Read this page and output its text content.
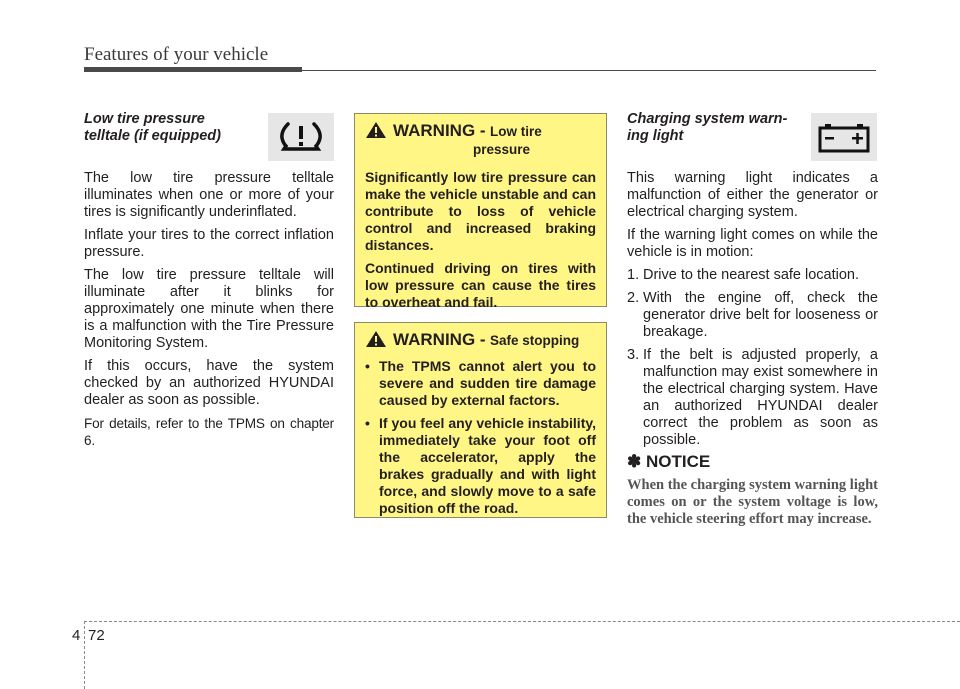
Features of your vehicle
Low tire pressure
telltale (if equipped)

The low tire pressure telltale illuminates when one or more of your tires is significantly underinflated.

Inflate your tires to the correct inflation pressure.

The low tire pressure telltale will illuminate after it blinks for approximately one minute when there is a malfunction with the Tire Pressure Monitoring System.

If this occurs, have the system checked by an authorized HYUNDAI dealer as soon as possible.

For details, refer to the TPMS on chapter 6.

WARNING - Low tire
pressure

Significantly low tire pressure can make the vehicle unstable and can contribute to loss of vehicle control and increased braking distances.

Continued driving on tires with low pressure can cause the tires to overheat and fail.

WARNING - Safe stopping

• The TPMS cannot alert you to severe and sudden tire damage caused by external factors.

• If you feel any vehicle instability, immediately take your foot off the accelerator, apply the brakes gradually and with light force, and slowly move to a safe position off the road.

Charging system warn-
ing light

This warning light indicates a malfunction of either the generator or electrical charging system.

If the warning light comes on while the vehicle is in motion:

1. Drive to the nearest safe location.

2. With the engine off, check the generator drive belt for looseness or breakage.

3. If the belt is adjusted properly, a malfunction may exist somewhere in the electrical charging system. Have an authorized HYUNDAI dealer correct the problem as soon as possible.

✽ NOTICE
When the charging system warning light comes on or the system voltage is low, the vehicle steering effort may increase.
4 72
